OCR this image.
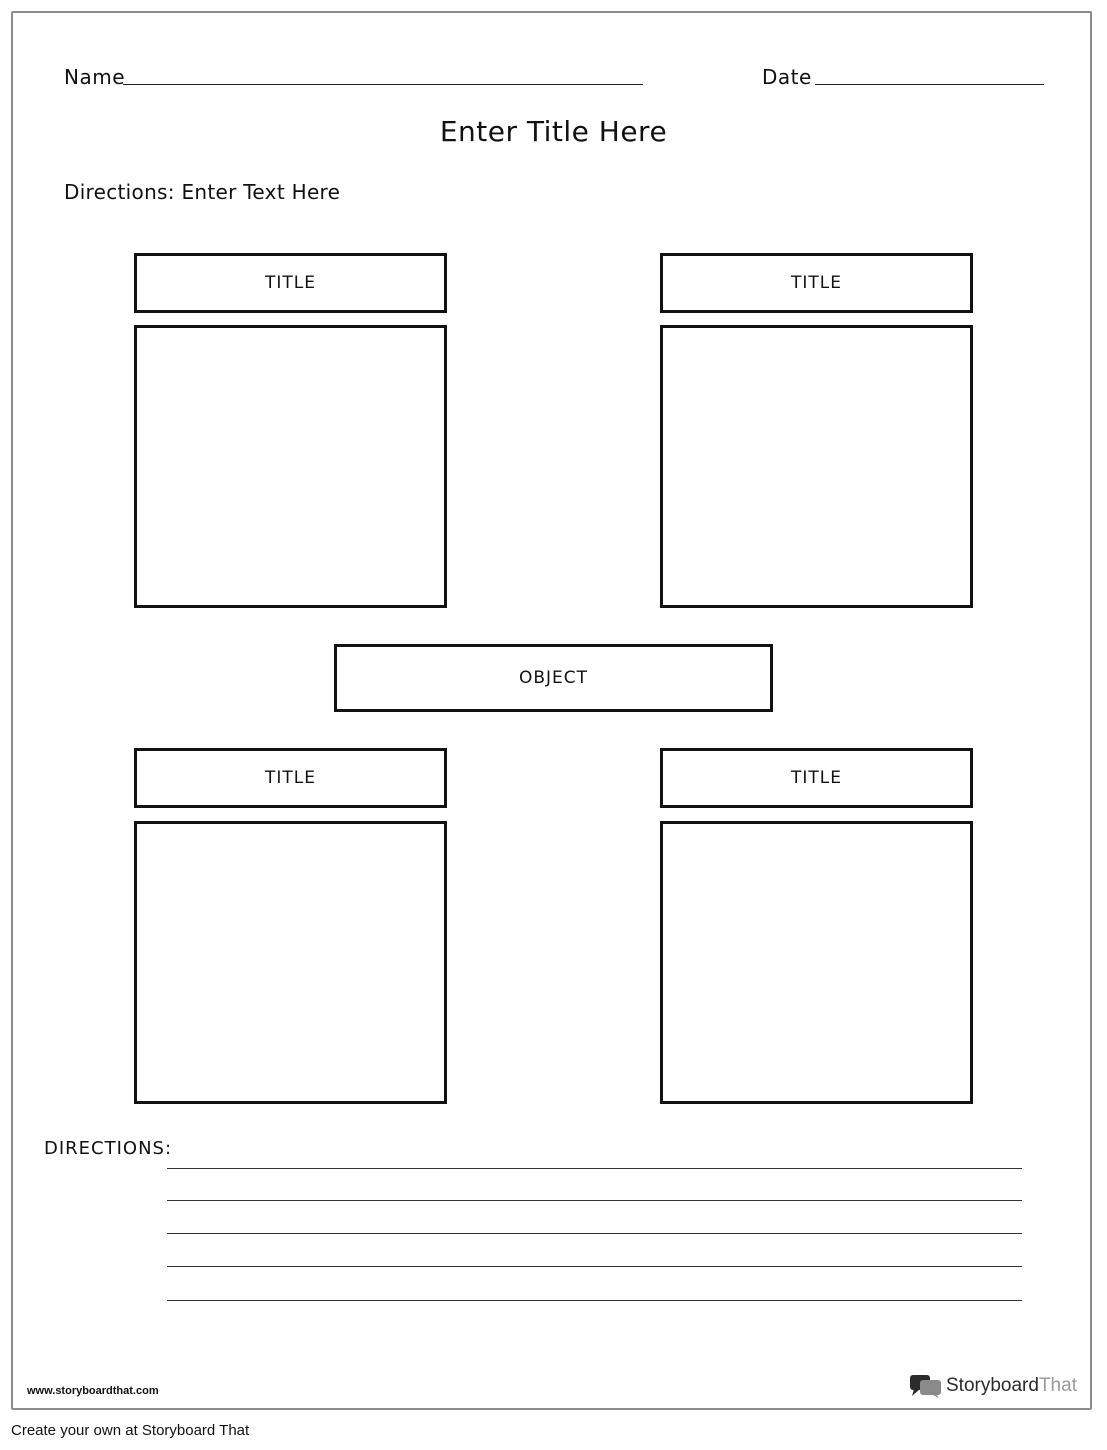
Name	Date
Enter Title Here
Directions: Enter Text Here
TITLE	TITLE
OBJECT
TITLE	TITLE
DIRECTIONS:
www.storyboardthat.com	StoryboardThat
Create your own at Storyboard That
